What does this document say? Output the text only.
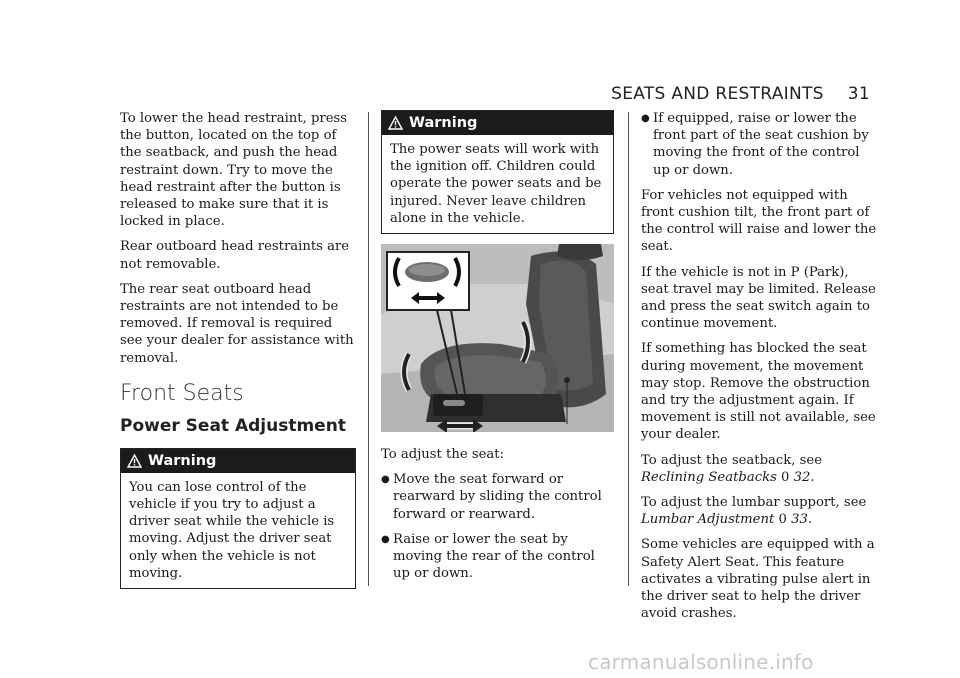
SEATS AND RESTRAINTS 31

To lower the head restraint, press the button, located on the top of the seatback, and push the head restraint down. Try to move the head restraint after the button is released to make sure that it is locked in place.

Rear outboard head restraints are not removable.

The rear seat outboard head restraints are not intended to be removed. If removal is required see your dealer for assistance with removal.

Front Seats
Power Seat Adjustment
Warning
You can lose control of the vehicle if you try to adjust a driver seat while the vehicle is moving. Adjust the driver seat only when the vehicle is not moving.
Warning
The power seats will work with the ignition off. Children could operate the power seats and be injured. Never leave children alone in the vehicle.

To adjust the seat:

● Move the seat forward or rearward by sliding the control forward or rearward.
● Raise or lower the seat by moving the rear of the control up or down.
● If equipped, raise or lower the front part of the seat cushion by moving the front of the control up or down.

For vehicles not equipped with front cushion tilt, the front part of the control will raise and lower the seat.

If the vehicle is not in P (Park), seat travel may be limited. Release and press the seat switch again to continue movement.

If something has blocked the seat during movement, the movement may stop. Remove the obstruction and try the adjustment again. If movement is still not available, see your dealer.

To adjust the seatback, see Reclining Seatbacks 0 32.

To adjust the lumbar support, see Lumbar Adjustment 0 33.

Some vehicles are equipped with a Safety Alert Seat. This feature activates a vibrating pulse alert in the driver seat to help the driver avoid crashes.

carmanualsonline.info
